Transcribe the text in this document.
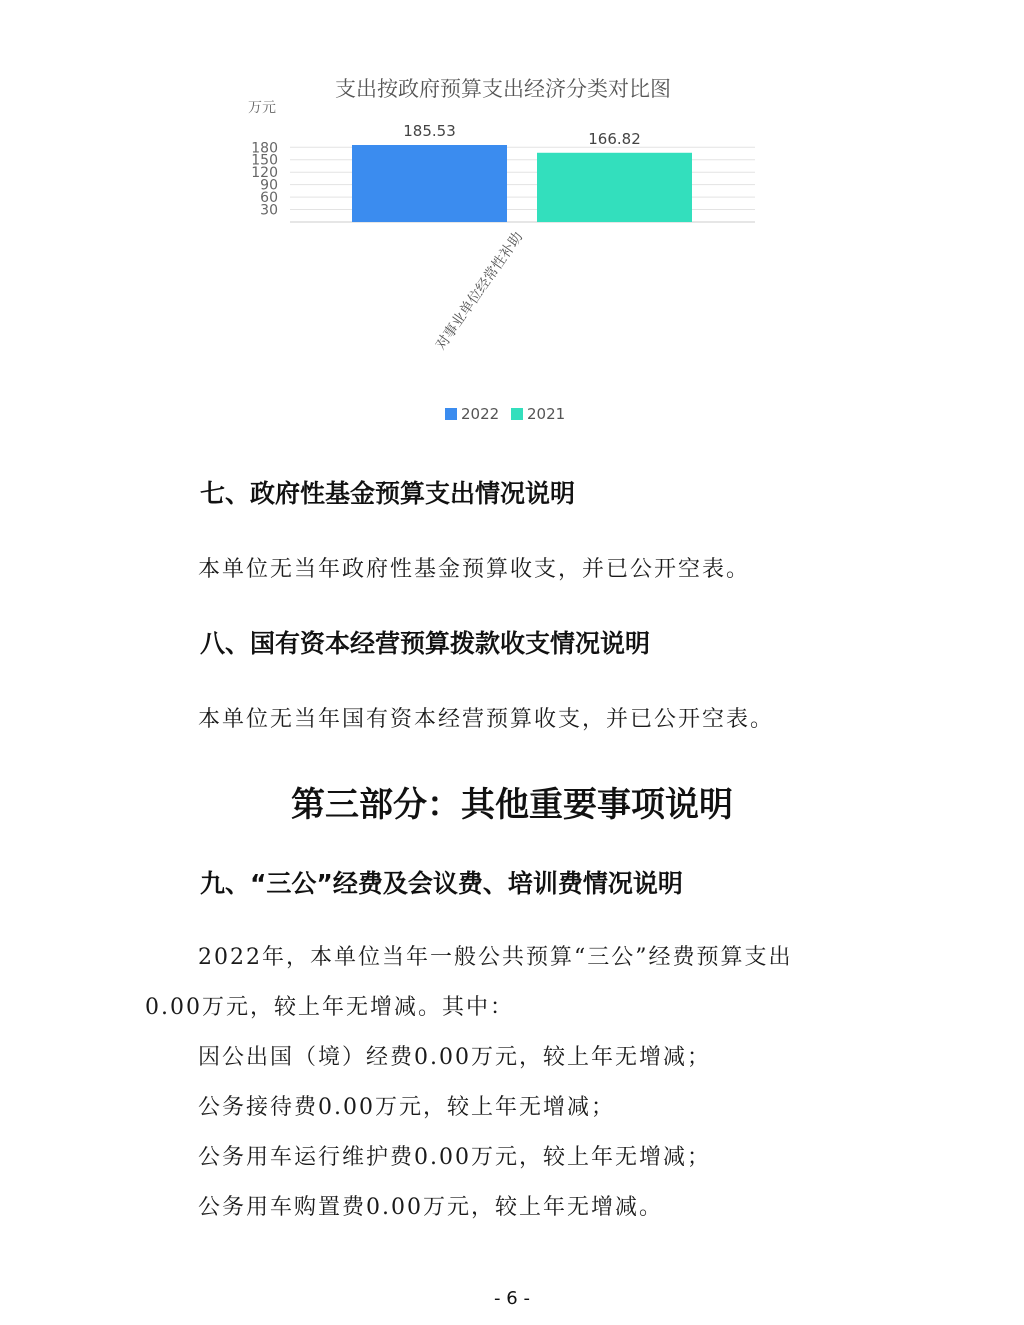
支出按政府预算支出经济分类对比图
万元
30
60
90
120
150
180
185.53	166.82
对事业单位经常性补助
2022 2021
七、政府性基金预算支出情况说明
本单位无当年政府性基金预算收支，并已公开空表。
八、国有资本经营预算拨款收支情况说明
本单位无当年国有资本经营预算收支，并已公开空表。
第三部分：其他重要事项说明
九、“三公”经费及会议费、培训费情况说明
2022年，本单位当年一般公共预算“三公”经费预算支出
0.00万元，较上年无增减。其中：
因公出国（境）经费0.00万元，较上年无增减；
公务接待费0.00万元，较上年无增减；
公务用车运行维护费0.00万元，较上年无增减；
公务用车购置费0.00万元，较上年无增减。
- 6 -
